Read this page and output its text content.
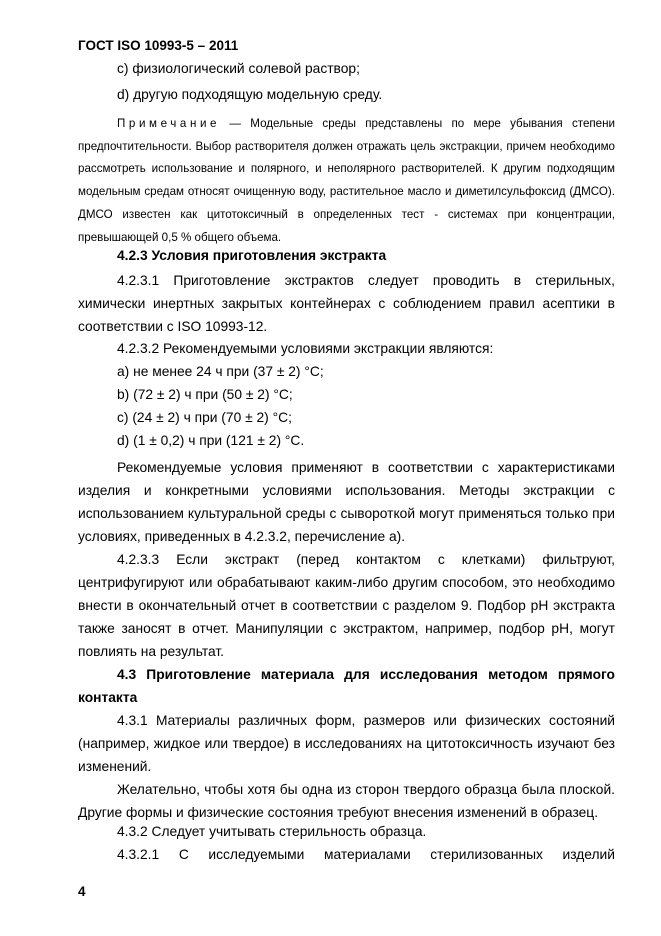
ГОСТ ISO 10993-5 – 2011
c) физиологический солевой раствор;
d) другую подходящую модельную среду.
Примечание — Модельные среды представлены по мере убывания степени предпочтительности. Выбор растворителя должен отражать цель экстракции, причем необходимо рассмотреть использование и полярного, и неполярного растворителей. К другим подходящим модельным средам относят очищенную воду, растительное масло и диметилсульфоксид (ДМСО). ДМСО известен как цитотоксичный в определенных тест - системах при концентрации, превышающей 0,5 % общего объема.
4.2.3 Условия приготовления экстракта
4.2.3.1 Приготовление экстрактов следует проводить в стерильных, химически инертных закрытых контейнерах с соблюдением правил асептики в соответствии с ISO 10993-12.
4.2.3.2 Рекомендуемыми условиями экстракции являются:
а) не менее 24 ч при (37 ± 2) °С;
b) (72 ± 2) ч при (50 ± 2) °С;
с) (24 ± 2) ч при (70 ± 2) °С;
d) (1 ± 0,2) ч при (121 ± 2) °С.
Рекомендуемые условия применяют в соответствии с характеристиками изделия и конкретными условиями использования. Методы экстракции с использованием культуральной среды с сывороткой могут применяться только при условиях, приведенных в 4.2.3.2, перечисление а).
4.2.3.3 Если экстракт (перед контактом с клетками) фильтруют, центрифугируют или обрабатывают каким-либо другим способом, это необходимо внести в окончательный отчет в соответствии с разделом 9. Подбор рН экстракта также заносят в отчет. Манипуляции с экстрактом, например, подбор рН, могут повлиять на результат.
4.3 Приготовление материала для исследования методом прямого контакта
4.3.1 Материалы различных форм, размеров или физических состояний (например, жидкое или твердое) в исследованиях на цитотоксичность изучают без изменений.
Желательно, чтобы хотя бы одна из сторон твердого образца была плоской. Другие формы и физические состояния требуют внесения изменений в образец.
4.3.2 Следует учитывать стерильность образца.
4.3.2.1 С исследуемыми материалами стерилизованных изделий
4
